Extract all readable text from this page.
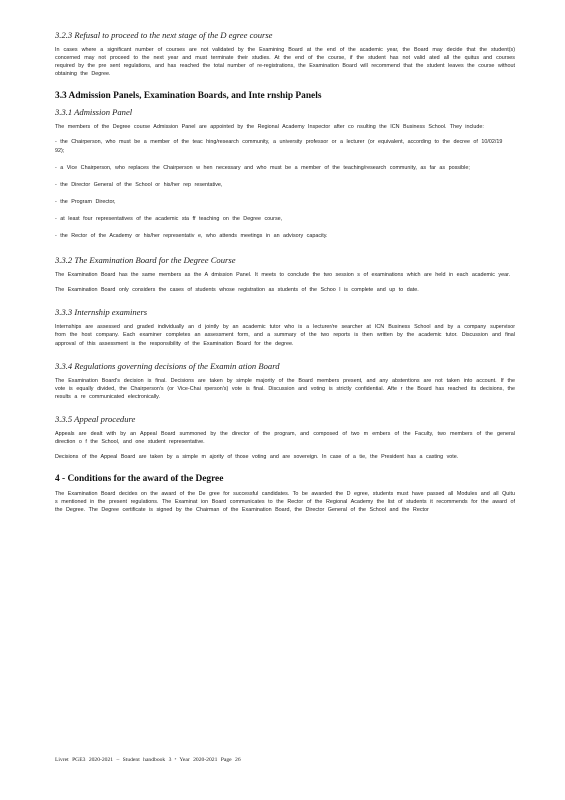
3.2.3 Refusal to proceed to the next stage of the D egree course
In cases where a significant number of courses are not validated by the Examining Board at the end of the academic year, the Board may decide that the student(s) concerned may not proceed to the next year and must terminate their studies. At the end of the course, if the student has not valid ated all the quitus and courses required by the pre sent regulations, and has reached the total number of re-registrations, the Examination Board will recommend that the student leaves the course without obtaining the Degree.
3.3 Admission Panels, Examination Boards, and Inte rnship Panels
3.3.1 Admission Panel
The members of the Degree course Admission Panel are appointed by the Regional Academy Inspector after co nsulting the ICN Business School. They include:
- the Chairperson, who must be a member of the teac hing/research community, a university professor or a lecturer (or equivalent, according to the decree of 10/02/19 92);
- a Vice Chairperson, who replaces the Chairperson w hen necessary and who must be a member of the teaching/research community, as far as possible;
- the Director General of the School or his/her rep resentative,
- the Program Director,
- at least four representatives of the academic sta ff teaching on the Degree course,
- the Rector of the Academy or his/her representativ e, who attends meetings in an advisory capacity.
3.3.2 The Examination Board for the Degree Course
The Examination Board has the same members as the A dmission Panel. It meets to conclude the two session s of examinations which are held in each academic year.
The Examination Board only considers the cases of students whose registration as students of the Schoo l is complete and up to date.
3.3.3 Internship examiners
Internships are assessed and graded individually an d jointly by an academic tutor who is a lecturer/re searcher at ICN Business School and by a company supervisor from the host company. Each examiner completes an assessment form, and a summary of the two reports is then written by the academic tutor. Discussion and final approval of this assessment is the responsibility of the Examination Board for the degree.
3.3.4 Regulations governing decisions of the Examin ation Board
The Examination Board's decision is final. Decisions are taken by simple majority of the Board members present, and any abstentions are not taken into account. If the vote is equally divided, the Chairperson's (or Vice-Chai rperson's) vote is final. Discussion and voting is strictly confidential. Afte r the Board has reached its decisions, the results a re communicated electronically.
3.3.5 Appeal procedure
Appeals are dealt with by an Appeal Board summoned by the director of the program, and composed of two m embers of the Faculty, two members of the general direction o f the School, and one student representative.
Decisions of the Appeal Board are taken by a simple m ajority of those voting and are sovereign. In case of a tie, the President has a casting vote.
4 - Conditions for the award of the Degree
The Examination Board decides on the award of the De gree for successful candidates. To be awarded the D egree, students must have passed all Modules and all Quitu s mentioned in the present regulations. The Examinat ion Board communicates to the Rector of the Regional Academy the list of students it recommends for the award of the Degree. The Degree certificate is signed by the Chairman of the Examination Board, the Director General of the School and the Rector
Livret PGE3 2020-2021 – Student handbook 3 ᵉ Year 2020-2021 Page 26
